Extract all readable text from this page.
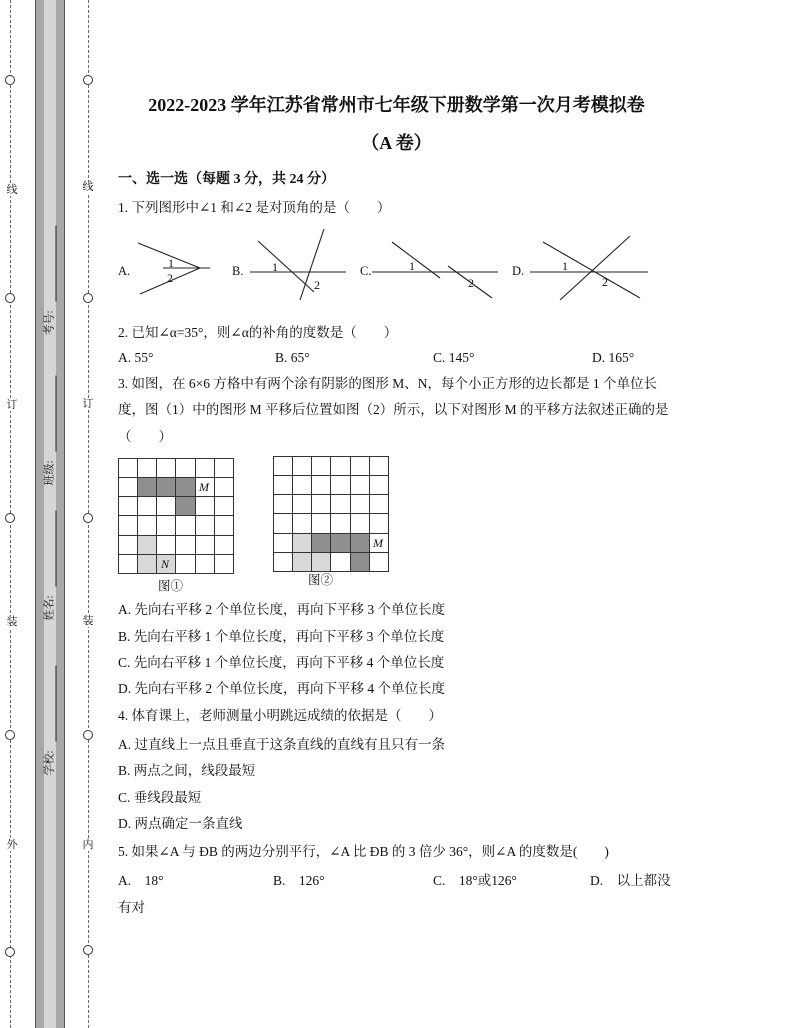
线
订
装
外
线
订
装
内
考号:
班级:
姓名:
学校:
2022-2023 学年江苏省常州市七年级下册数学第一次月考模拟卷
（A 卷）
一、选一选（每题 3 分，共 24 分）
1. 下列图形中∠1 和∠2 是对顶角的是（　　）
A.
1
2	B. 1
2
C.	1
2
D.	1
2
2. 已知∠α=35°，则∠α的补角的度数是（　　）
A. 55°	B. 65°	C. 145°	D. 165°
3. 如图，在 6×6 方格中有两个涂有阴影的图形 M、N，每个小正方形的边长都是 1 个单位长
度，图（1）中的图形 M 平移后位置如图（2）所示，以下对图形 M 的平移方法叙述正确的是
（　　）
M
N
图①
M
图②
A. 先向右平移 2 个单位长度，再向下平移 3 个单位长度
B. 先向右平移 1 个单位长度，再向下平移 3 个单位长度
C. 先向右平移 1 个单位长度，再向下平移 4 个单位长度
D. 先向右平移 2 个单位长度，再向下平移 4 个单位长度
4. 体育课上，老师测量小明跳远成绩的依据是（　　）
A. 过直线上一点且垂直于这条直线的直线有且只有一条
B. 两点之间，线段最短
C. 垂线段最短
D. 两点确定一条直线
5. 如果∠A 与 ÐB 的两边分别平行，∠A 比 ÐB 的 3 倍少 36°，则∠A 的度数是(　　)
A.　18°	B.　126°	C.　18°或126°	D.　以上都没
有对
